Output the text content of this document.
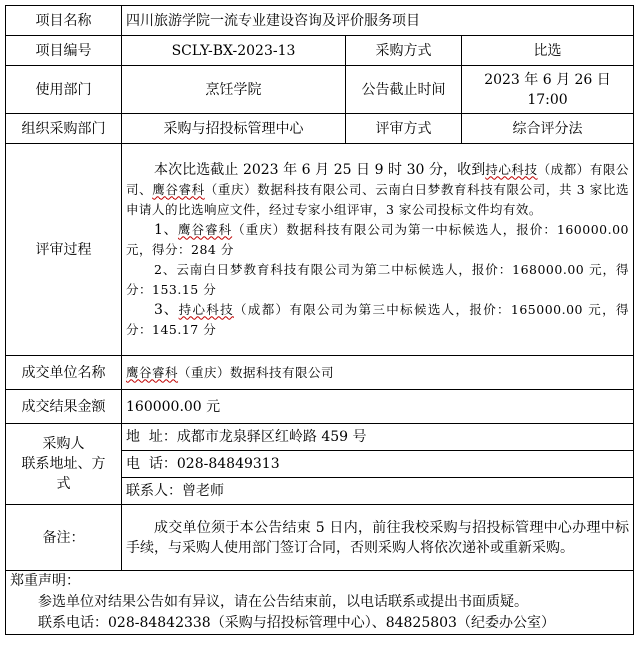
项目名称	四川旅游学院一流专业建设咨询及评价服务项目		
项目编号	SCLY-BX-2023-13	采购方式	比选
使用部门	烹饪学院	公告截止时间	2023 年 6 月 26 日
17:00

组织采购部门	采购与招投标管理中心	评审方式	综合评分法
评审过程	本次比选截止 2023 年 6 月 25 日 9 时 30 分，收到持心科技（成都）有限公司、鹰谷睿科（重庆）数据科技有限公司、云南白日梦教育科技有限公司，共 3 家比选申请人的比选响应文件，经过专家小组评审，3 家公司投标文件均有效。

1、鹰谷睿科（重庆）数据科技有限公司为第一中标候选人，报价：160000.00 元，得分：284 分

2、云南白日梦教育科技有限公司为第二中标候选人，报价：168000.00 元，得分：153.15 分

3、持心科技（成都）有限公司为第三中标候选人，报价：165000.00 元，得分：145.17 分		

成交单位名称	鹰谷睿科（重庆）数据科技有限公司		
成交结果金额	160000.00 元		

采购人
联系地址、方
式	地  址：成都市龙泉驿区红岭路 459 号		
	电  话：028-84849313		
	联系人：曾老师		
备注：	成交单位须于本公告结束 5 日内，前往我校采购与招投标管理中心办理中标手续，与采购人使用部门签订合同，否则采购人将依次递补或重新采购。		

郑重声明：

参选单位对结果公告如有异议，请在公告结束前，以电话联系或提出书面质疑。

联系电话：028-84842338（采购与招投标管理中心）、84825803（纪委办公室）			
